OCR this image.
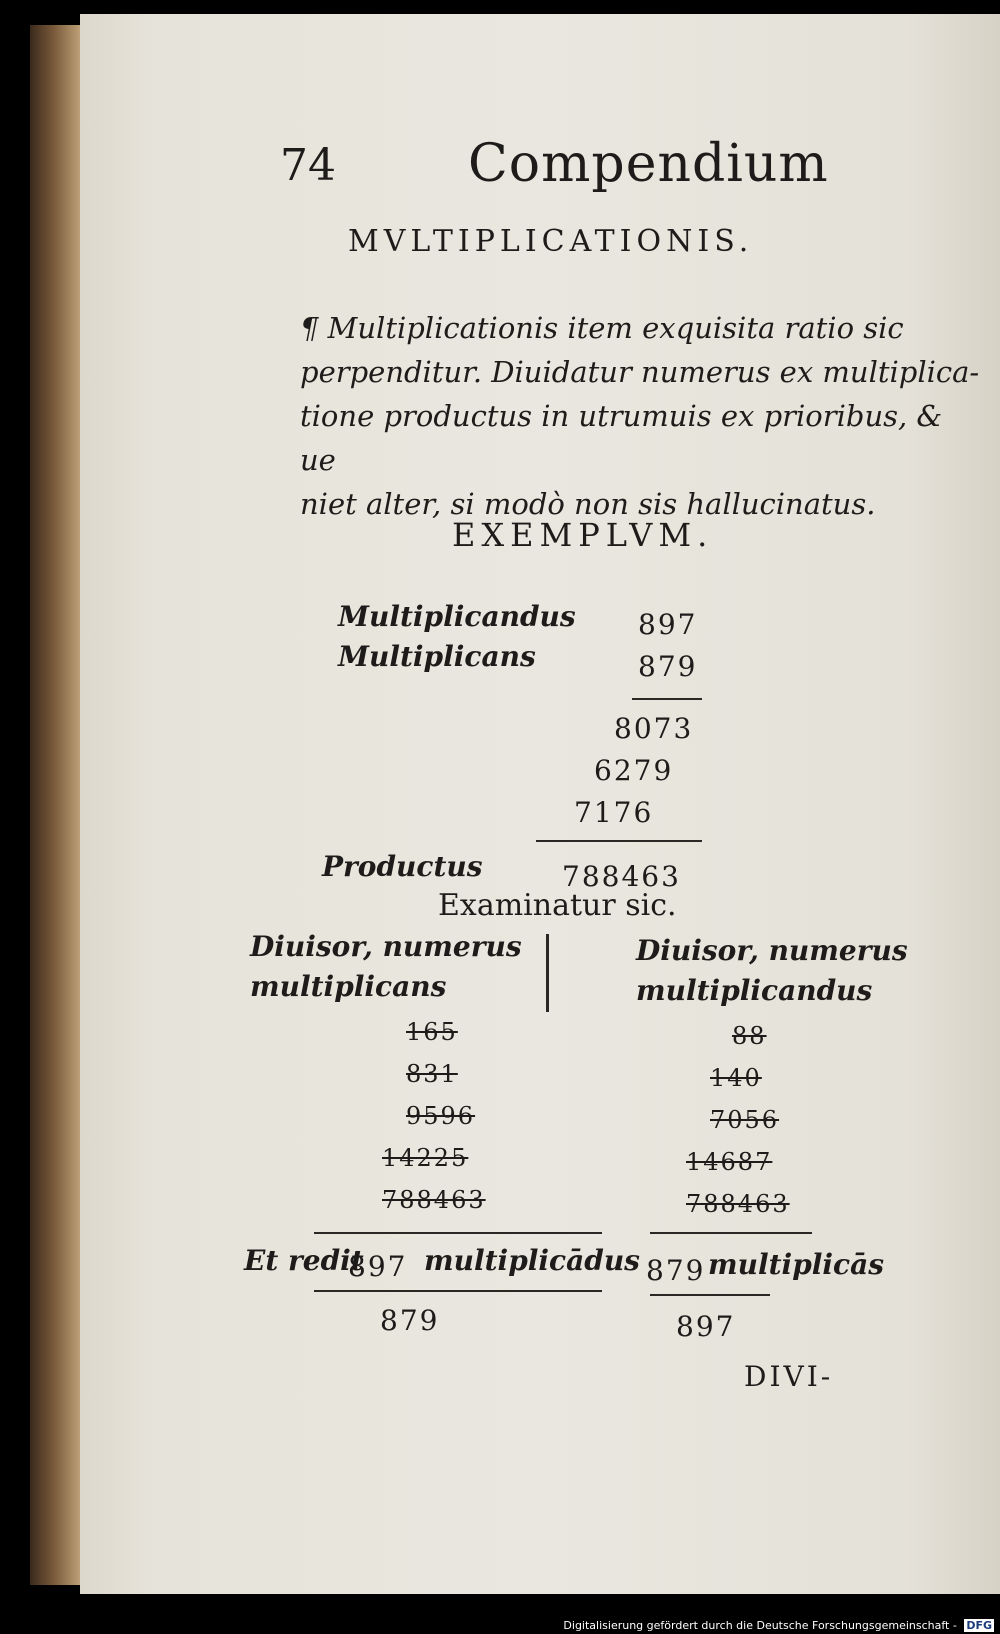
74	Compendium
MVLTIPLICATIONIS.
¶ Multiplicationis item exquisita ratio sic
perpenditur. Diuidatur numerus ex multiplica-
tione productus in utrumuis ex prioribus, & ue
niet alter, si modò non sis hallucinatus.
EXEMPLVM.
Multiplicandus 897
Multiplicans	879
8073
6279
7176
Productus	788463
Examinatur sic.
Diuisor, numerus
multiplicans
165
831
9596
14225
788463
Et redit
897 multiplicādus
879
Diuisor, numerus
multiplicandus
88
140
7056
14687
788463
879 multiplicās
897
DIVI-
Digitalisierung gefördert durch die Deutsche Forschungsgemeinschaft - DFG
